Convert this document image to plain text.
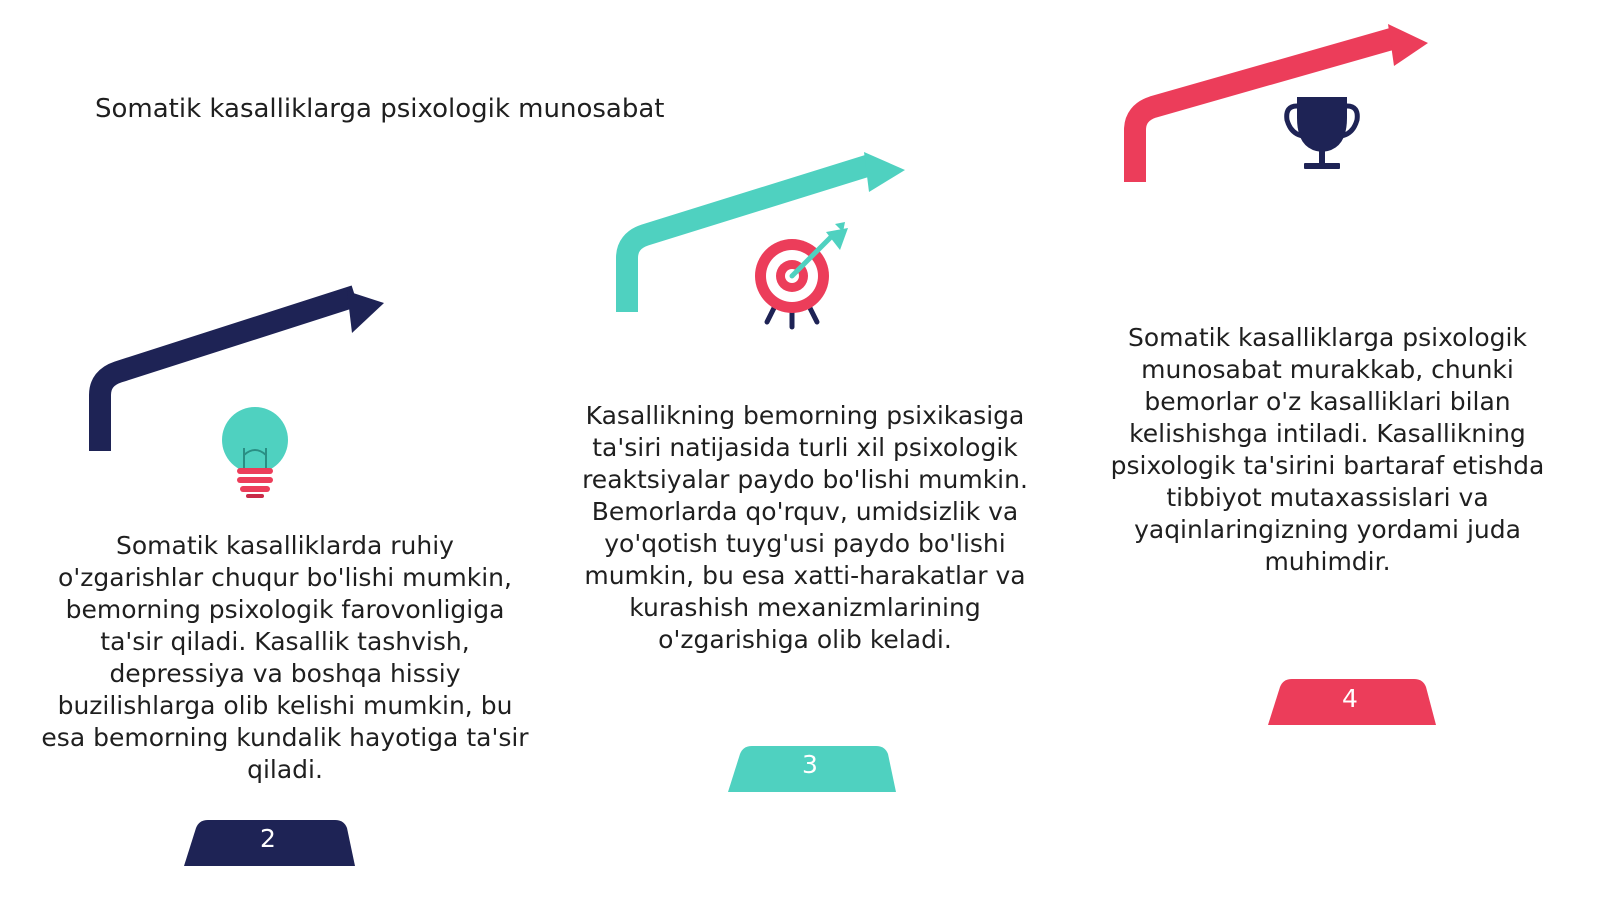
Somatik kasalliklarga psixologik munosabat
Somatik kasalliklarda ruhiy o'zgarishlar chuqur bo'lishi mumkin, bemorning psixologik farovonligiga ta'sir qiladi. Kasallik tashvish, depressiya va boshqa hissiy buzilishlarga olib kelishi mumkin, bu esa bemorning kundalik hayotiga ta'sir qiladi.
Kasallikning bemorning psixikasiga ta'siri natijasida turli xil psixologik reaktsiyalar paydo bo'lishi mumkin. Bemorlarda qo'rquv, umidsizlik va yo'qotish tuyg'usi paydo bo'lishi mumkin, bu esa xatti-harakatlar va kurashish mexanizmlarining o'zgarishiga olib keladi.
Somatik kasalliklarga psixologik munosabat murakkab, chunki bemorlar o'z kasalliklari bilan kelishishga intiladi. Kasallikning psixologik ta'sirini bartaraf etishda tibbiyot mutaxassislari va yaqinlaringizning yordami juda muhimdir.
2
3
4
